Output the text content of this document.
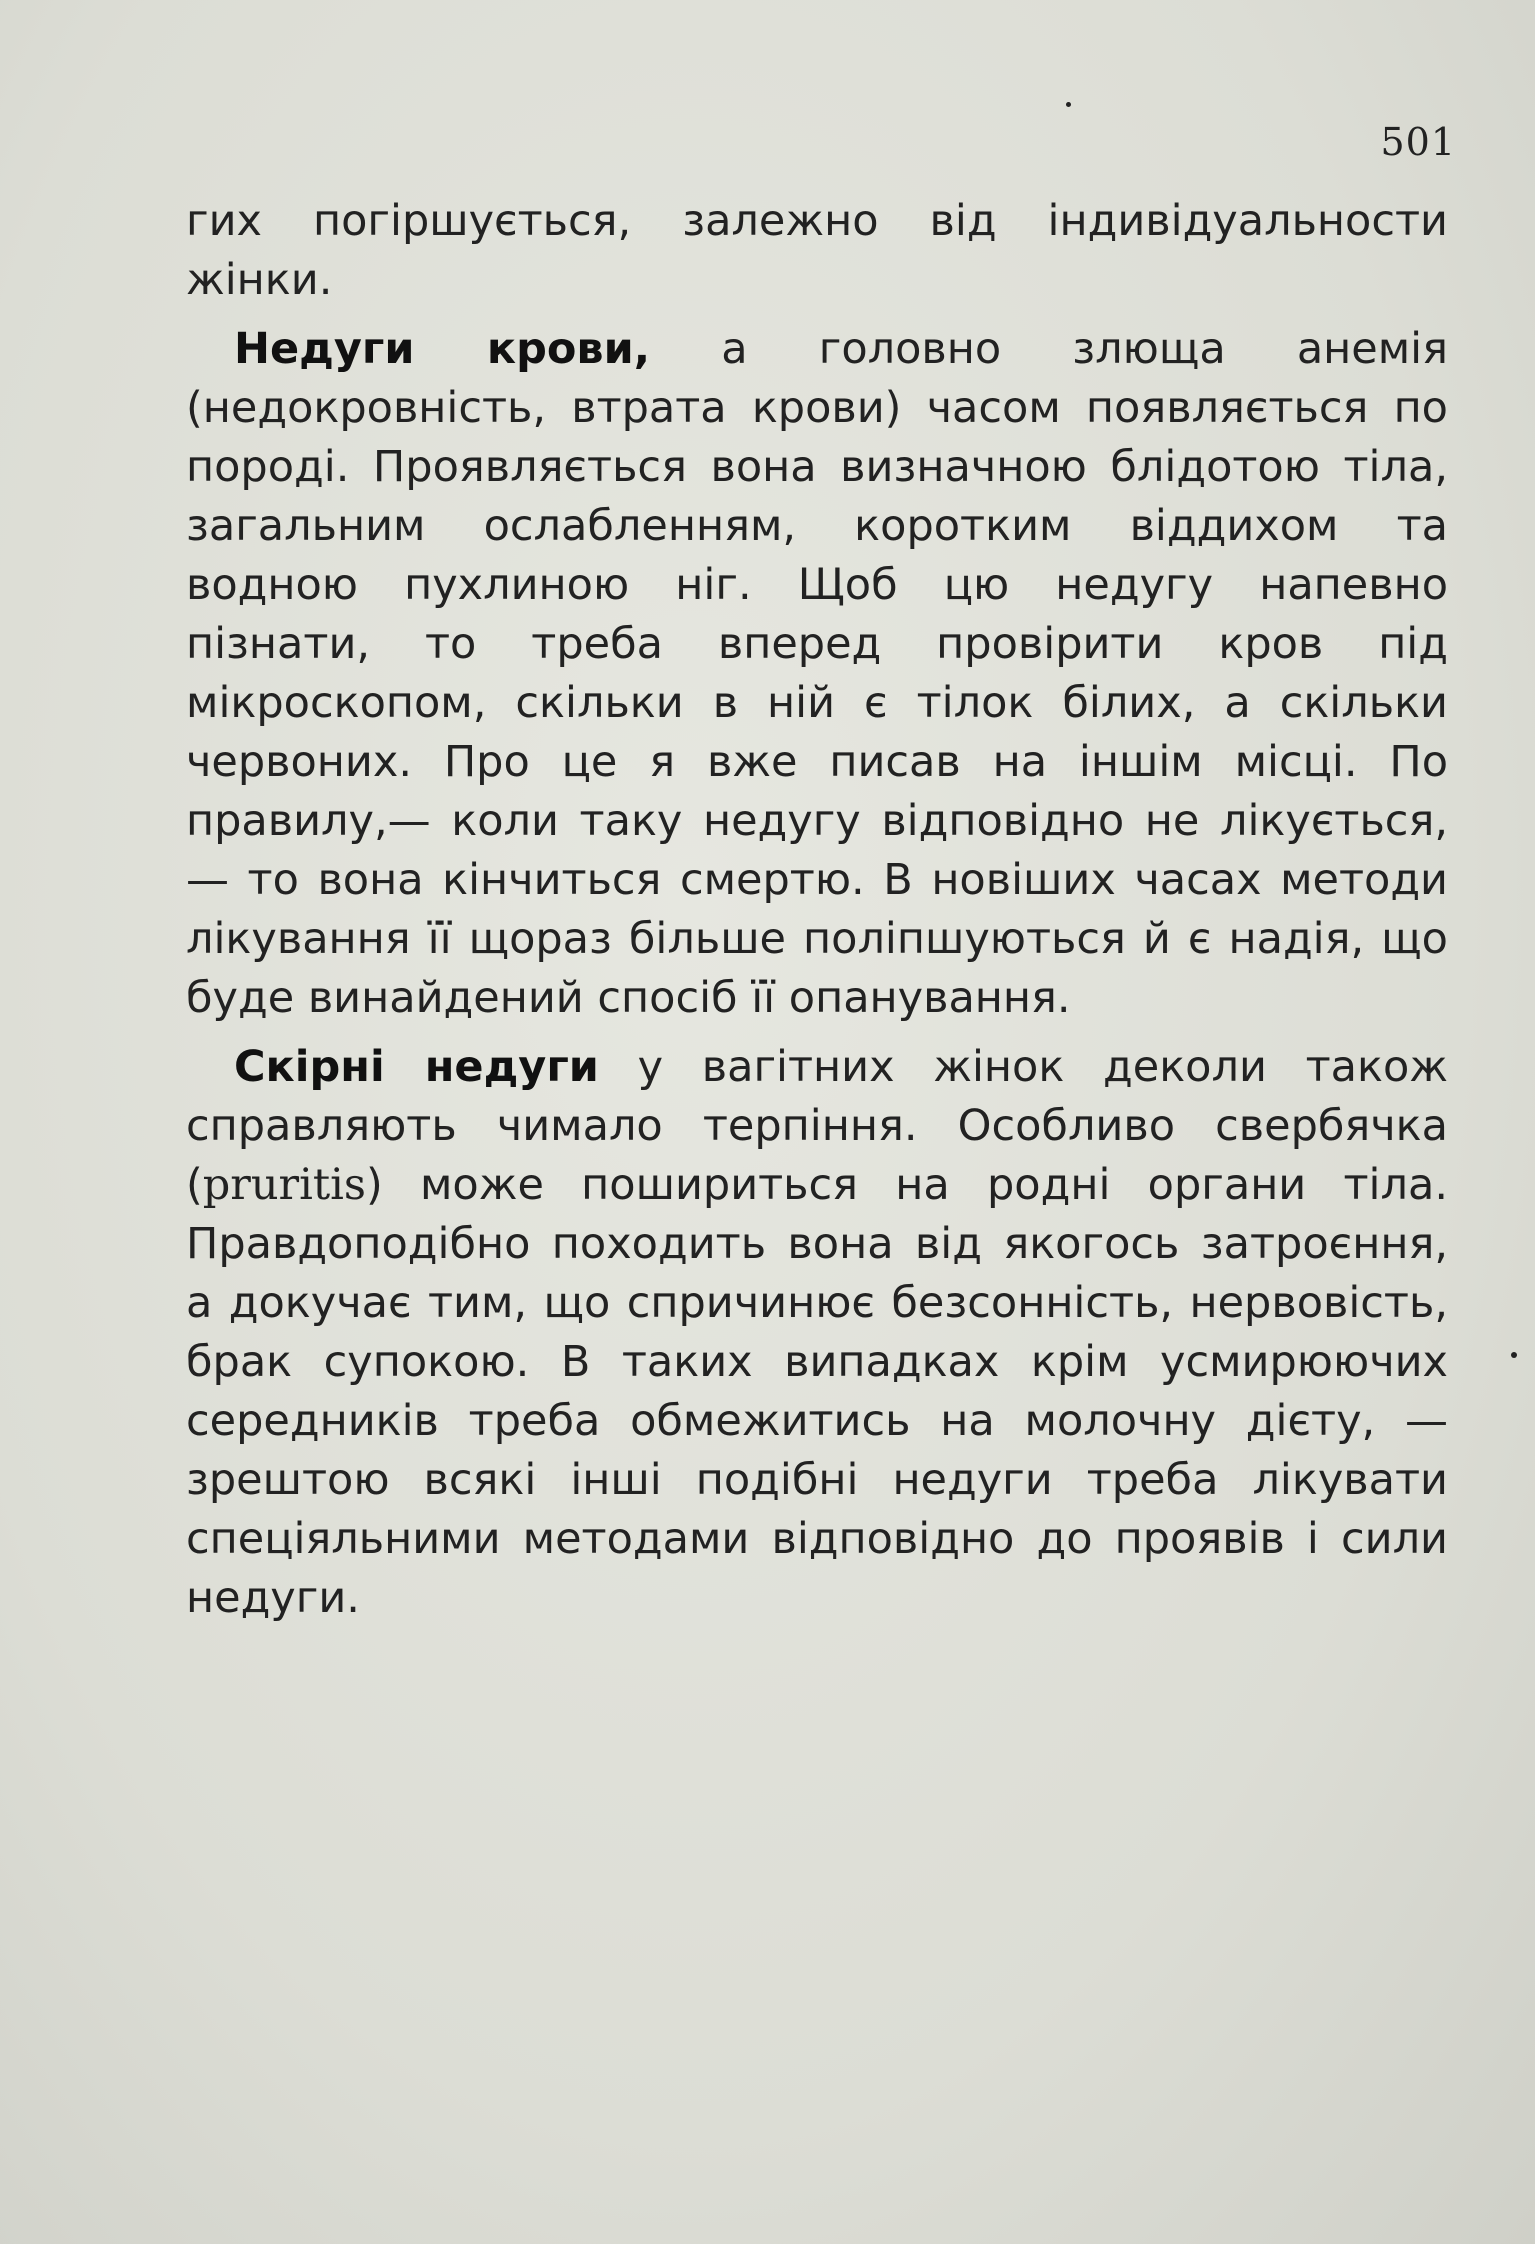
501

гих погіршується, залежно від індивідуальности жінки.

Недуги крови, а головно злюща анемія (недокровність, втрата крови) часом появляється по породі. Проявляється вона визначною блідотою тіла, загальним ослабленням, коротким віддихом та водною пухлиною ніг. Щоб цю недугу напевно пізнати, то треба вперед провірити кров під мікроскопом, скільки в ній є тілок білих, а скільки червоних. Про це я вже писав на іншім місці. По правилу,— коли таку недугу відповідно не лікується,— то вона кінчиться смертю. В новіших часах методи лікування її щораз більше поліпшуються й є надія, що буде винайдений спосіб її опанування.

Скірні недуги у вагітних жінок деколи також справляють чимало терпіння. Особливо свербячка (pruritis) може пошириться на родні органи тіла. Правдоподібно походить вона від якогось затроєння, а докучає тим, що спричинює безсонність, нервовість, брак супокою. В таких випадках крім усмирюючих середників треба обмежитись на молочну дієту, — зрештою всякі інші подібні недуги треба лікувати спеціяльними методами відповідно до проявів і сили недуги.
